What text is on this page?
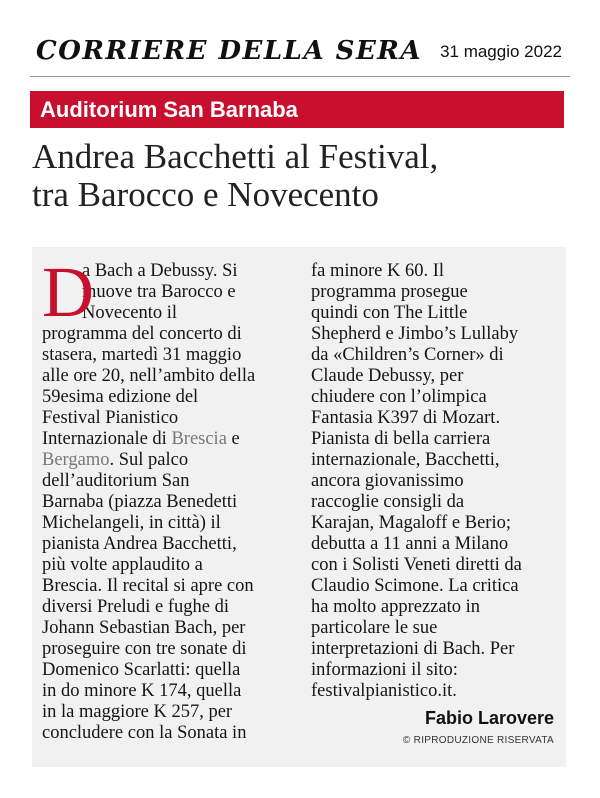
CORRIERE DELLA SERA 31 maggio 2022
Auditorium San Barnaba
Andrea Bacchetti al Festival,
tra Barocco e Novecento
D
a Bach a Debussy. Si
muove tra Barocco e
Novecento il
programma del concerto di
stasera, martedì 31 maggio
alle ore 20, nell’ambito della
59esima edizione del
Festival Pianistico
Internazionale di Brescia e
Bergamo. Sul palco
dell’auditorium San
Barnaba (piazza Benedetti
Michelangeli, in città) il
pianista Andrea Bacchetti,
più volte applaudito a
Brescia. Il recital si apre con
diversi Preludi e fughe di
Johann Sebastian Bach, per
proseguire con tre sonate di
Domenico Scarlatti: quella
in do minore K 174, quella
in la maggiore K 257, per
concludere con la Sonata in
fa minore K 60. Il
programma prosegue
quindi con The Little
Shepherd e Jimbo’s Lullaby
da «Children’s Corner» di
Claude Debussy, per
chiudere con l’olimpica
Fantasia K397 di Mozart.
Pianista di bella carriera
internazionale, Bacchetti,
ancora giovanissimo
raccoglie consigli da
Karajan, Magaloff e Berio;
debutta a 11 anni a Milano
con i Solisti Veneti diretti da
Claudio Scimone. La critica
ha molto apprezzato in
particolare le sue
interpretazioni di Bach. Per
informazioni il sito:
festivalpianistico.it.
Fabio Larovere
© RIPRODUZIONE RISERVATA
